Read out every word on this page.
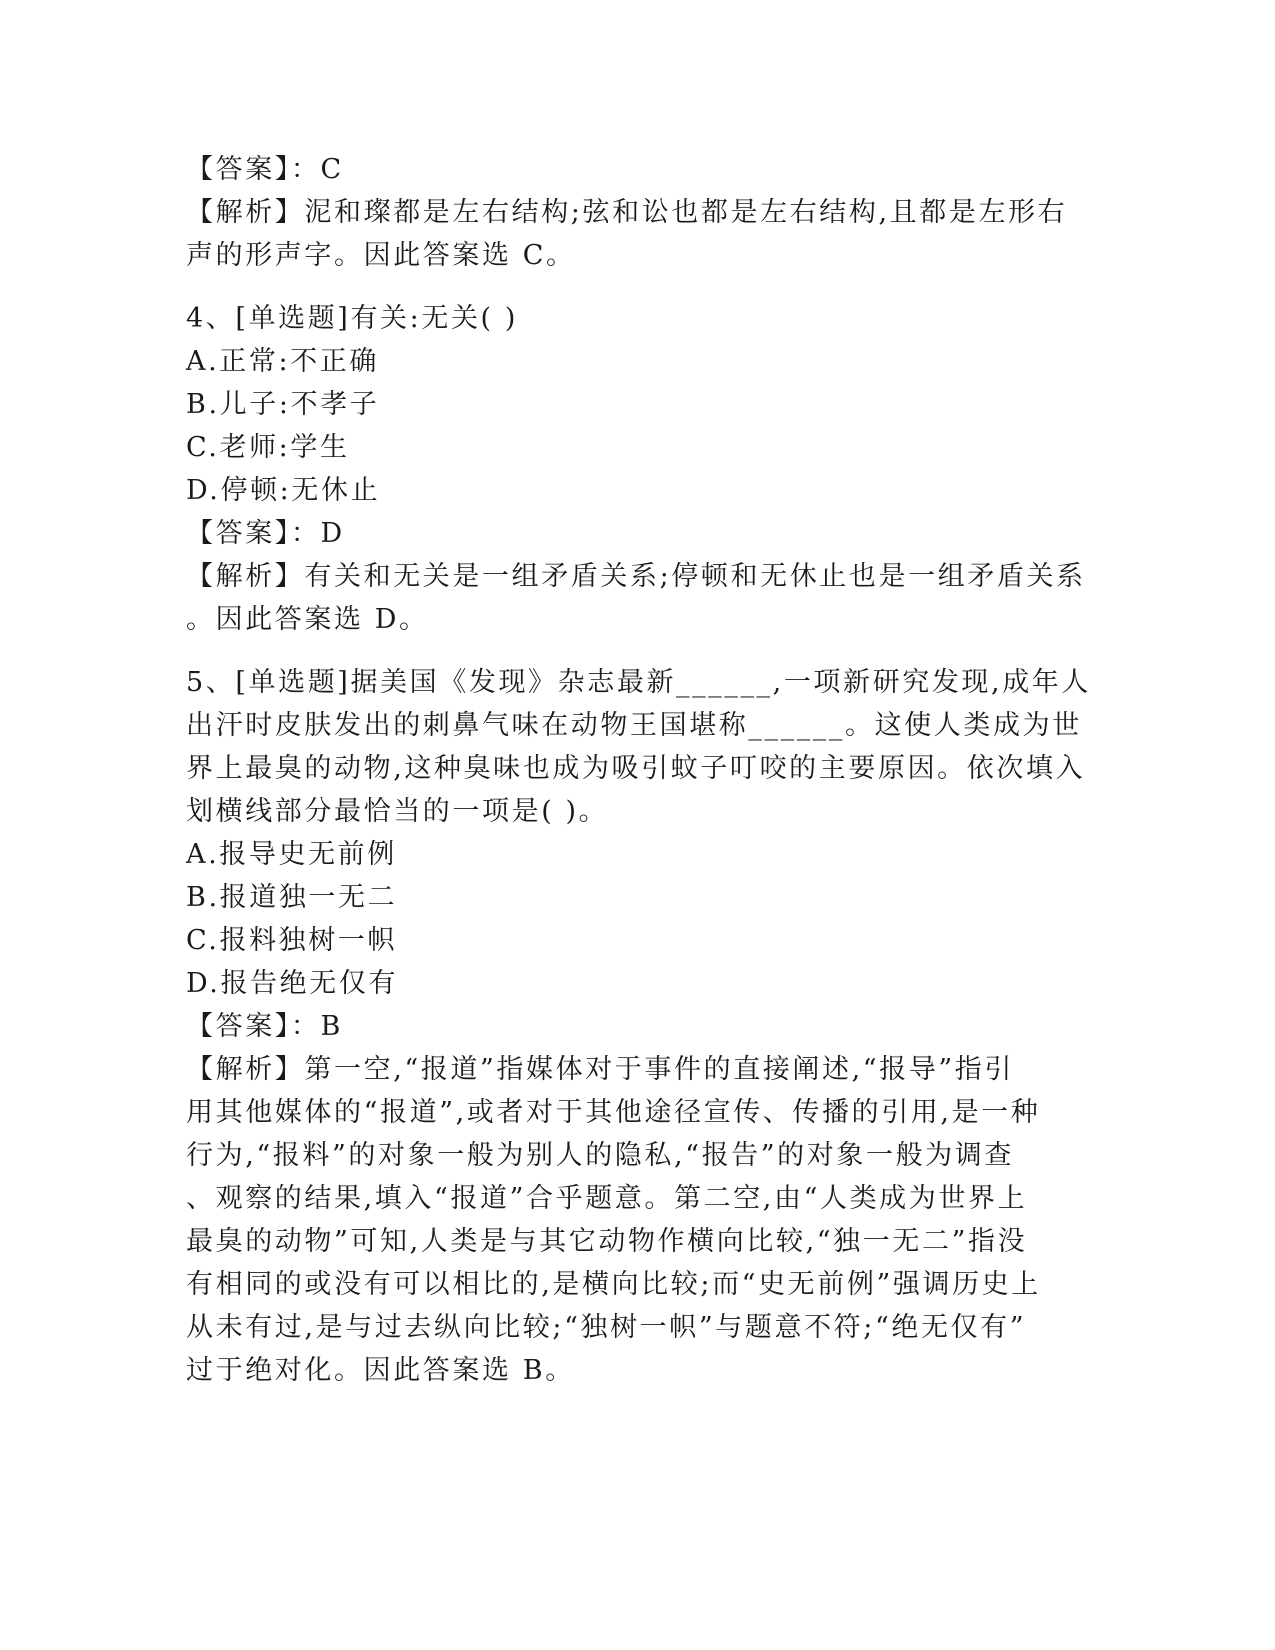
【答案】：C

【解析】泥和璨都是左右结构;弦和讼也都是左右结构,且都是左形右

声的形声字。因此答案选 C。

4、[单选题]有关:无关( )

A.正常:不正确

B.儿子:不孝子

C.老师:学生

D.停顿:无休止

【答案】：D

【解析】有关和无关是一组矛盾关系;停顿和无休止也是一组矛盾关系

。因此答案选 D。

5、[单选题]据美国《发现》杂志最新______,一项新研究发现,成年人

出汗时皮肤发出的刺鼻气味在动物王国堪称______。这使人类成为世

界上最臭的动物,这种臭味也成为吸引蚊子叮咬的主要原因。依次填入

划横线部分最恰当的一项是( )。

A.报导史无前例

B.报道独一无二

C.报料独树一帜

D.报告绝无仅有

【答案】：B

【解析】第一空,“报道”指媒体对于事件的直接阐述,“报导”指引

用其他媒体的“报道”,或者对于其他途径宣传、传播的引用,是一种

行为,“报料”的对象一般为别人的隐私,“报告”的对象一般为调查

、观察的结果,填入“报道”合乎题意。第二空,由“人类成为世界上

最臭的动物”可知,人类是与其它动物作横向比较,“独一无二”指没

有相同的或没有可以相比的,是横向比较;而“史无前例”强调历史上

从未有过,是与过去纵向比较;“独树一帜”与题意不符;“绝无仅有”

过于绝对化。因此答案选 B。
